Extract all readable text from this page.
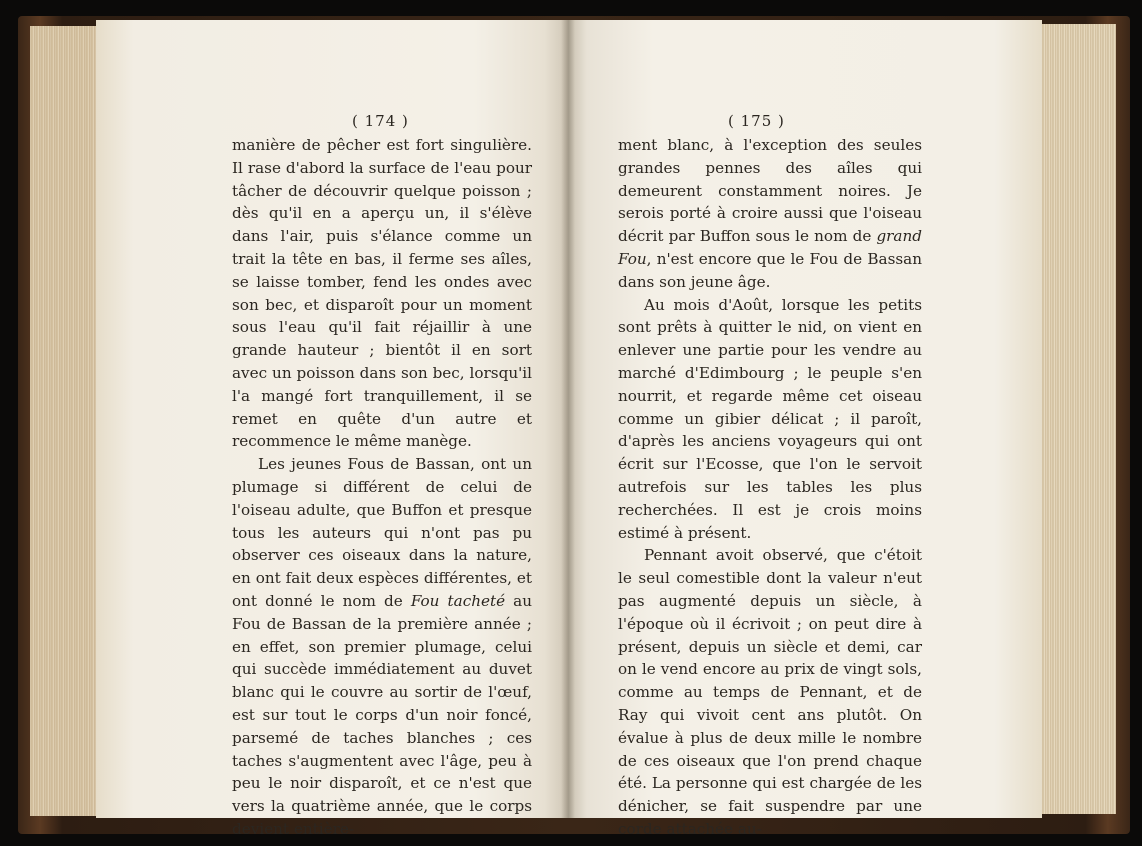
( 174 )

manière de pêcher est fort singulière. Il rase d'abord la surface de l'eau pour tâcher de découvrir quelque poisson ; dès qu'il en a aperçu un, il s'élève dans l'air, puis s'élance comme un trait la tête en bas, il ferme ses aîles, se laisse tomber, fend les ondes avec son bec, et disparoît pour un moment sous l'eau qu'il fait réjaillir à une grande hauteur ; bientôt il en sort avec un poisson dans son bec, lorsqu'il l'a mangé fort tranquillement, il se remet en quête d'un autre et recommence le même manège.

Les jeunes Fous de Bassan, ont un plumage si différent de celui de l'oiseau adulte, que Buffon et presque tous les auteurs qui n'ont pas pu observer ces oiseaux dans la nature, en ont fait deux espèces différentes, et ont donné le nom de Fou tacheté au Fou de Bassan de la première année ; en effet, son premier plumage, celui qui succède immédiatement au duvet blanc qui le couvre au sortir de l'œuf, est sur tout le corps d'un noir foncé, parsemé de taches blanches ; ces taches s'augmentent avec l'âge, peu à peu le noir disparoît, et ce n'est que vers la quatrième année, que le corps devient entière-

( 175 )

ment blanc, à l'exception des seules grandes pennes des aîles qui demeurent constamment noires. Je serois porté à croire aussi que l'oiseau décrit par Buffon sous le nom de grand Fou, n'est encore que le Fou de Bassan dans son jeune âge.

Au mois d'Août, lorsque les petits sont prêts à quitter le nid, on vient en enlever une partie pour les vendre au marché d'Edimbourg ; le peuple s'en nourrit, et regarde même cet oiseau comme un gibier délicat ; il paroît, d'après les anciens voyageurs qui ont écrit sur l'Ecosse, que l'on le servoit autrefois sur les tables les plus recherchées. Il est je crois moins estimé à présent.

Pennant avoit observé, que c'étoit le seul comestible dont la valeur n'eut pas augmenté depuis un siècle, à l'époque où il écrivoit ; on peut dire à présent, depuis un siècle et demi, car on le vend encore au prix de vingt sols, comme au temps de Pennant, et de Ray qui vivoit cent ans plutôt. On évalue à plus de deux mille le nombre de ces oiseaux que l'on prend chaque été. La personne qui est chargée de les dénicher, se fait suspendre par une corde attachée au-
